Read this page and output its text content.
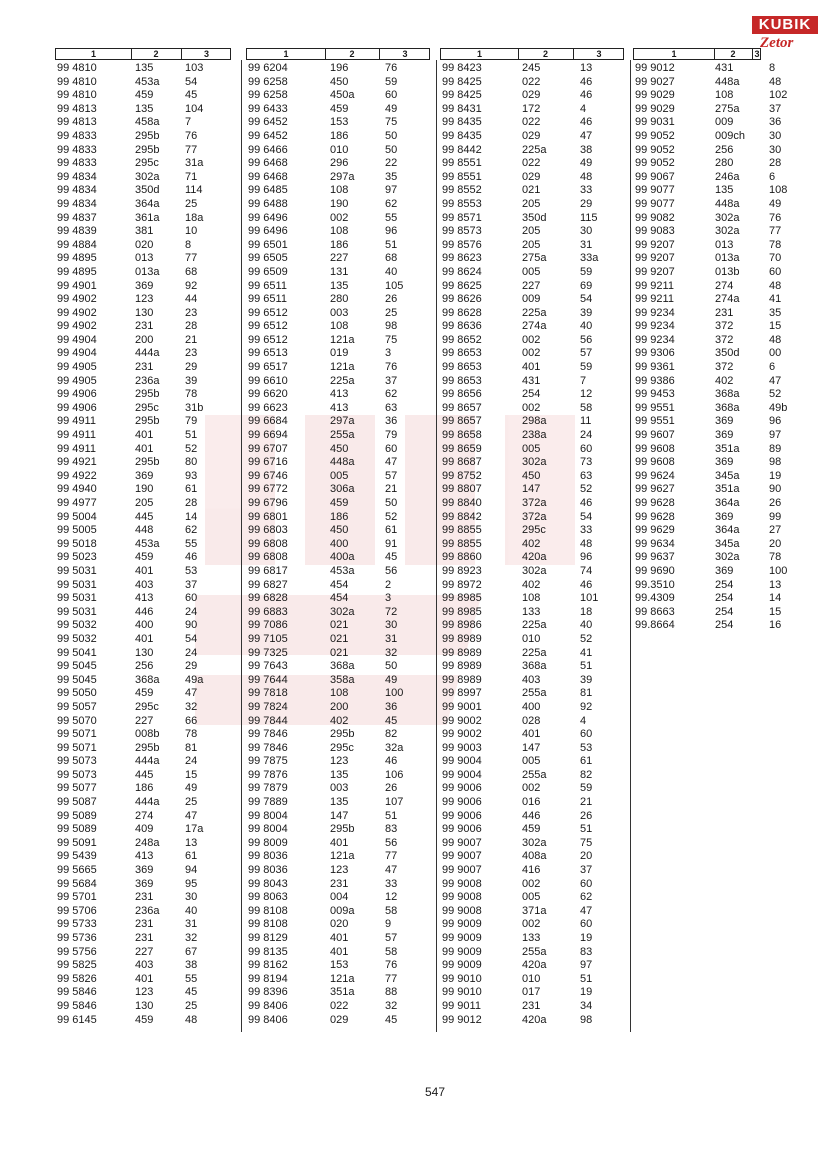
KUBIK
Zetor
1	2	3
99 4810	135	103
99 4810	453a 54
99 4810	459	45
99 4813	135	104
99 4813	458a 7
99 4833	295b 76
99 4833	295b 77
99 4833	295c 31a
99 4834	302a 71
99 4834	350d 114
99 4834	364a 25
99 4837	361a 18a
99 4839	381	10
99 4884	020	8
99 4895	013	77
99 4895	013a 68
99 4901	369	92
99 4902	123	44
99 4902	130	23
99 4902	231	28
99 4904	200	21
99 4904	444a 23
99 4905	231	29
99 4905	236a 39
99 4906	295b 78
99 4906	295c 31b
99 4911	295b 79
99 4911	401	51
99 4911	401	52
99 4921	295b 80
99 4922	369	93
99 4940	190	61
99 4977	205	28
99 5004	445	14
99 5005	448	62
99 5018	453a 55
99 5023	459	46
99 5031	401	53
99 5031	403	37
99 5031	413	60
99 5031	446	24
99 5032	400	90
99 5032	401	54
99 5041	130	24
99 5045	256	29
99 5045	368a 49a
99 5050	459	47
99 5057	295c 32
99 5070	227	66
99 5071	008b 78
99 5071	295b 81
99 5073	444a 24
99 5073	445	15
99 5077	186	49
99 5087	444a 25
99 5089	274	47
99 5089	409	17a
99 5091	248a 13
99 5439	413	61
99 5665	369	94
99 5684	369	95
99 5701	231	30
99 5706	236a 40
99 5733	231	31
99 5736	231	32
99 5756	227	67
99 5825	403	38
99 5826	401	55
99 5846	123	45
99 5846	130	25
99 6145	459	48
1	2	3
99 6204	196	76
99 6258	450	59
99 6258	450a	60
99 6433	459	49
99 6452	153	75
99 6452	186	50
99 6466	010	50
99 6468	296	22
99 6468	297a	35
99 6485	108	97
99 6488	190	62
99 6496	002	55
99 6496	108	96
99 6501	186	51
99 6505	227	68
99 6509	131	40
99 6511	135	105
99 6511	280	26
99 6512	003	25
99 6512	108	98
99 6512	121a	75
99 6513	019	3
99 6517	121a	76
99 6610	225a	37
99 6620	413	62
99 6623	413	63
99 6684	297a	36
99 6694	255a	79
99 6707	450	60
99 6716	448a	47
99 6746	005	57
99 6772	306a	21
99 6796	459	50
99 6801	186	52
99 6803	450	61
99 6808	400	91
99 6808	400a	45
99 6817	453a	56
99 6827	454	2
99 6828	454	3
99 6883	302a	72
99 7086	021	30
99 7105	021	31
99 7325	021	32
99 7643	368a	50
99 7644	358a	49
99 7818	108	100
99 7824	200	36
99 7844	402	45
99 7846	295b	82
99 7846	295c	32a
99 7875	123	46
99 7876	135	106
99 7879	003	26
99 7889	135	107
99 8004	147	51
99 8004	295b	83
99 8009	401	56
99 8036	121a	77
99 8036	123	47
99 8043	231	33
99 8063	004	12
99 8108	009a	58
99 8108	020	9
99 8129	401	57
99 8135	401	58
99 8162	153	76
99 8194	121a	77
99 8396	351a	88
99 8406	022	32
99 8406	029	45
1	2	3
99 8423	245	13
99 8425	022	46
99 8425	029	46
99 8431	172	4
99 8435	022	46
99 8435	029	47
99 8442	225a	38
99 8551	022	49
99 8551	029	48
99 8552	021	33
99 8553	205	29
99 8571	350d	115
99 8573	205	30
99 8576	205	31
99 8623	275a	33a
99 8624	005	59
99 8625	227	69
99 8626	009	54
99 8628	225a	39
99 8636	274a	40
99 8652	002	56
99 8653	002	57
99 8653	401	59
99 8653	431	7
99 8656	254	12
99 8657	002	58
99 8657	298a	11
99 8658	238a	24
99 8659	005	60
99 8687	302a	73
99 8752	450	63
99 8807	147	52
99 8840	372a	46
99 8842	372a	54
99 8855	295c	33
99 8855	402	48
99 8860	420a	96
99 8923	302a	74
99 8972	402	46
99 8985	108	101
99 8985	133	18
99 8986	225a	40
99 8989	010	52
99 8989	225a	41
99 8989	368a	51
99 8989	403	39
99 8997	255a	81
99 9001	400	92
99 9002	028	4
99 9002	401	60
99 9003	147	53
99 9004	005	61
99 9004	255a	82
99 9006	002	59
99 9006	016	21
99 9006	446	26
99 9006	459	51
99 9007	302a	75
99 9007	408a	20
99 9007	416	37
99 9008	002	60
99 9008	005	62
99 9008	371a	47
99 9009	002	60
99 9009	133	19
99 9009	255a	83
99 9009	420a	97
99 9010	010	51
99 9010	017	19
99 9011	231	34
99 9012	420a	98
1	2	3
99 9012	431	8
99 9027	448a	48
99 9029	108	102
99 9029	275a	37
99 9031	009	36
99 9052	009ch 30
99 9052	256	30
99 9052	280	28
99 9067	246a	6
99 9077	135	108
99 9077	448a	49
99 9082	302a	76
99 9083	302a	77
99 9207	013	78
99 9207	013a	70
99 9207	013b	60
99 9211	274	48
99 9211	274a	41
99 9234	231	35
99 9234	372	15
99 9234	372	48
99 9306	350d	00
99 9361	372	6
99 9386	402	47
99 9453	368a	52
99 9551	368a	49b
99 9551	369	96
99 9607	369	97
99 9608	351a	89
99 9608	369	98
99 9624	345a	19
99 9627	351a	90
99 9628	364a	26
99 9628	369	99
99 9629	364a	27
99 9634	345a	20
99 9637	302a	78
99 9690	369	100
99.3510	254	13
99.4309	254	14
99 8663	254	15
99.8664	254	16
547
